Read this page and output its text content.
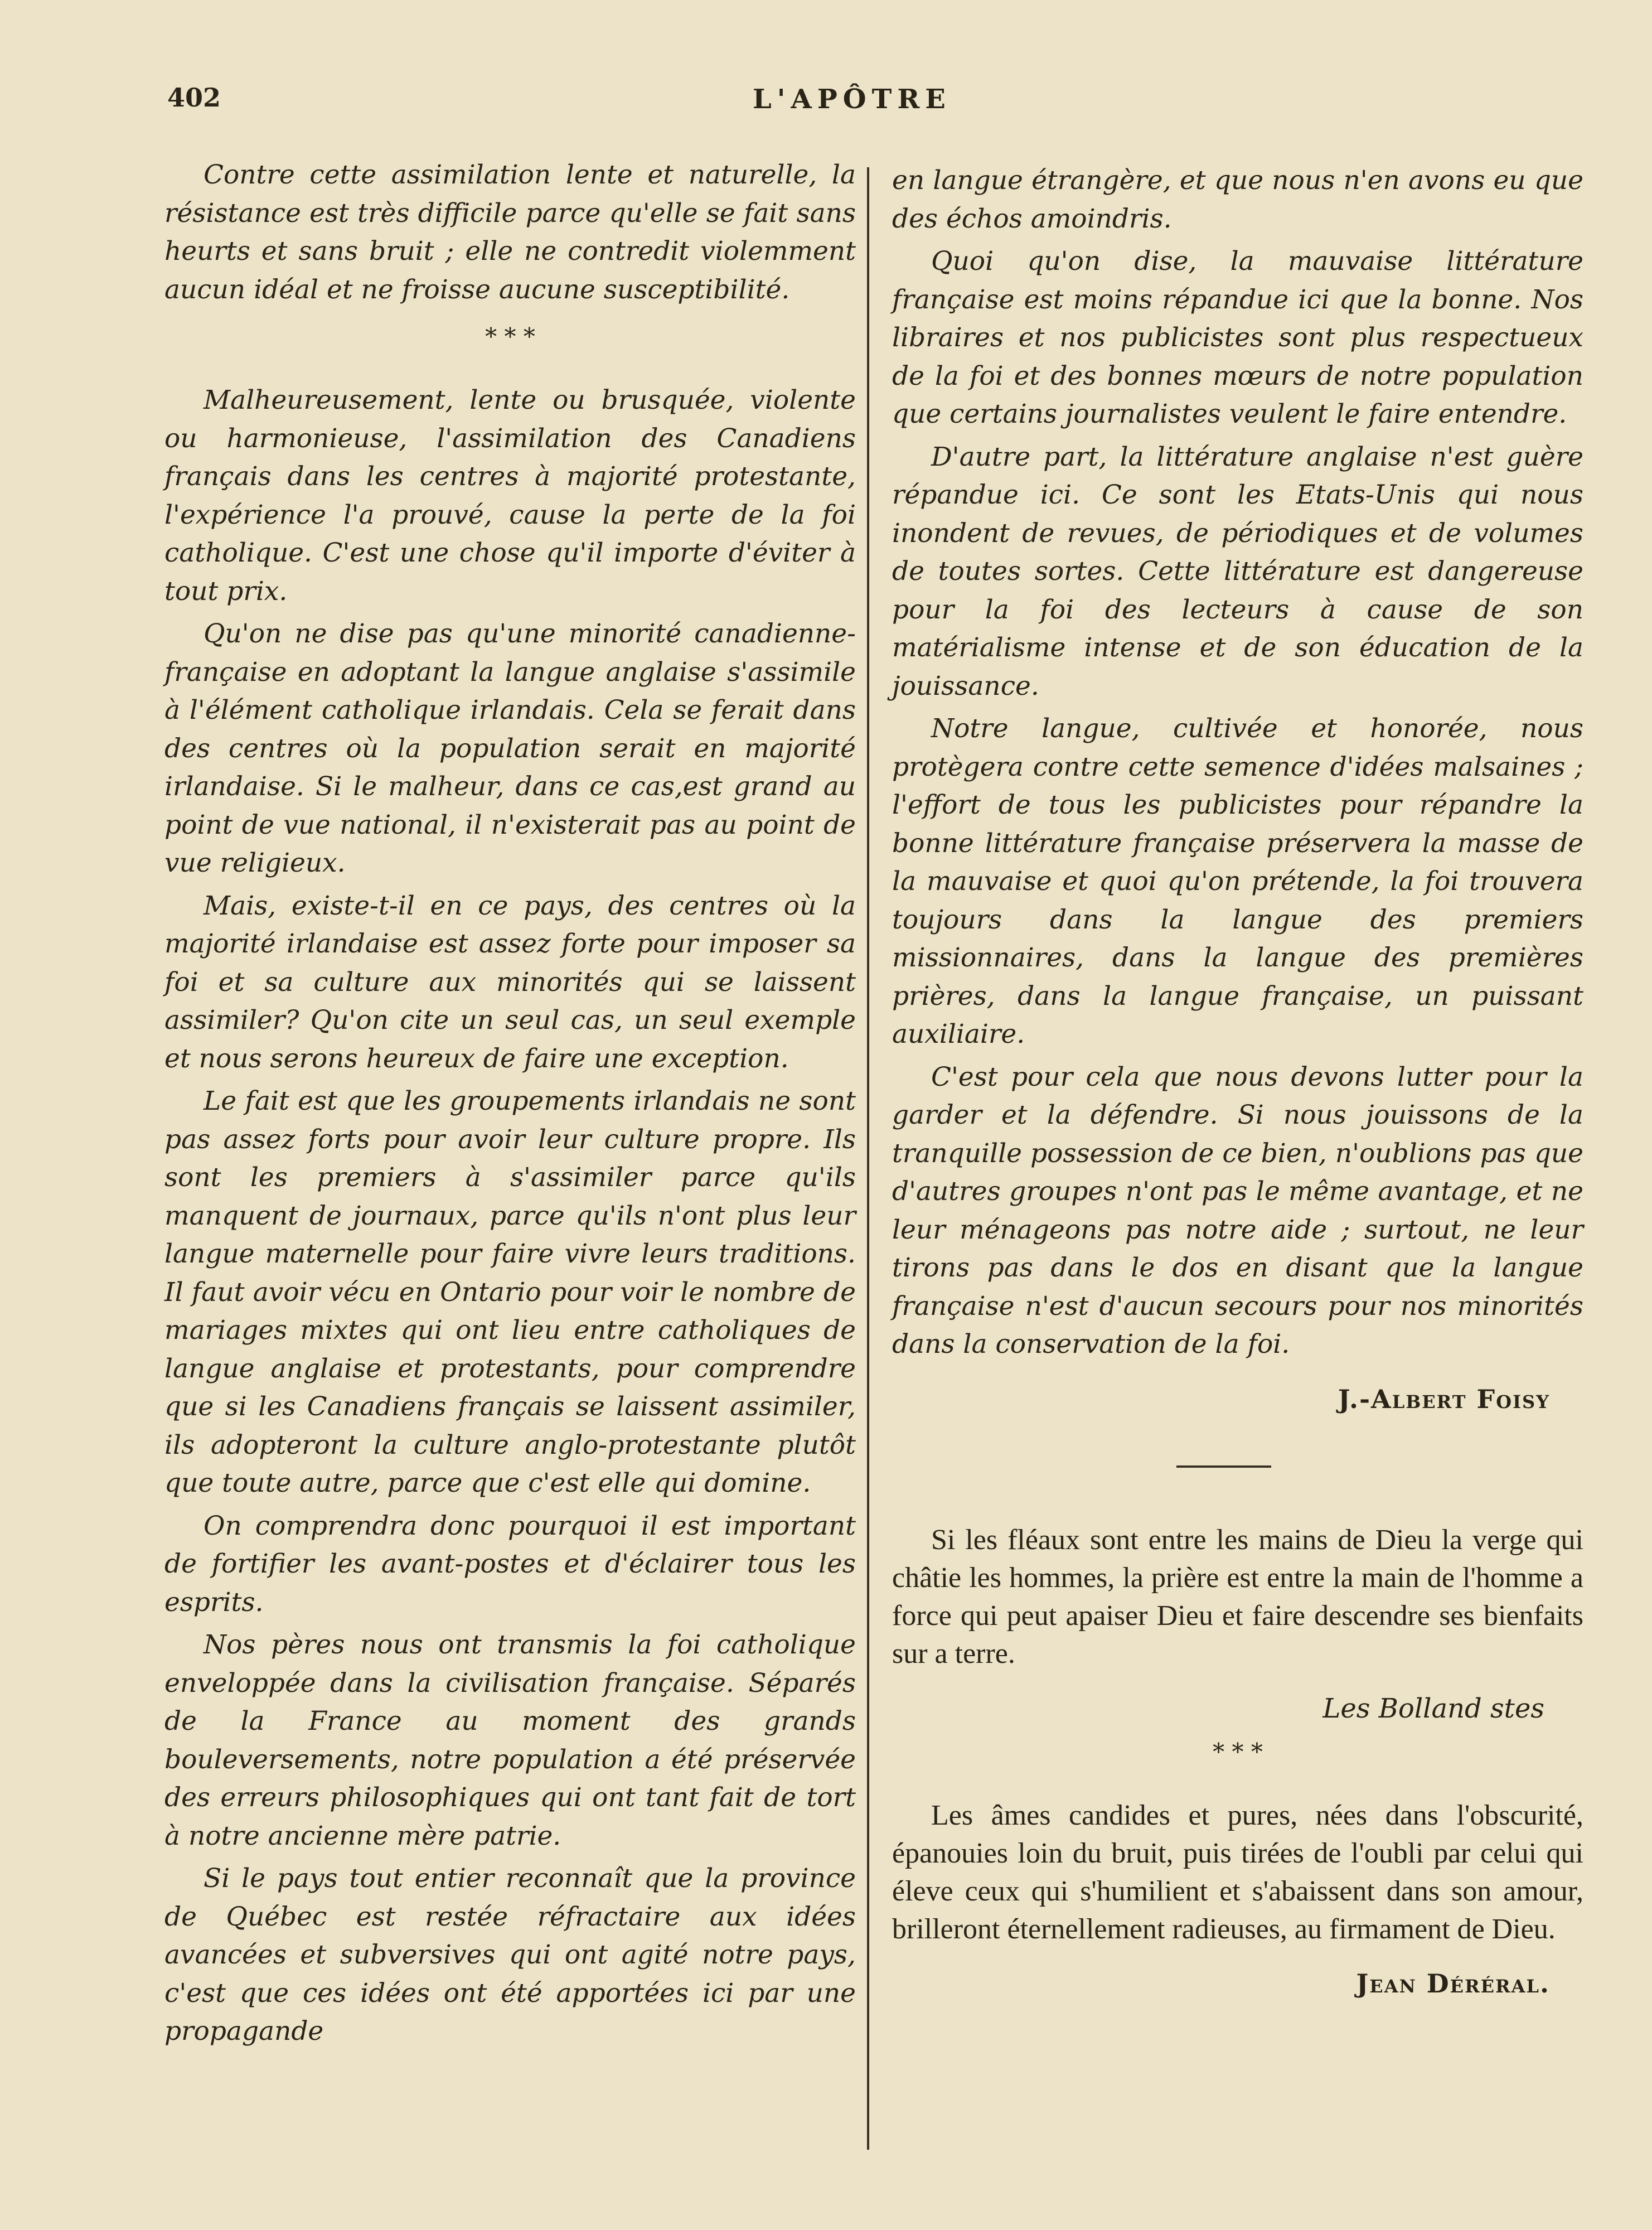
402	L'APÔTRE

Contre cette assimilation lente et naturelle, la résistance est très difficile parce qu'elle se fait sans heurts et sans bruit ; elle ne contredit violemment aucun idéal et ne froisse aucune susceptibilité.

* * *

Malheureusement, lente ou brusquée, violente ou harmonieuse, l'assimilation des Canadiens français dans les centres à majorité protestante, l'expérience l'a prouvé, cause la perte de la foi catholique. C'est une chose qu'il importe d'éviter à tout prix.

Qu'on ne dise pas qu'une minorité canadienne-française en adoptant la langue anglaise s'assimile à l'élément catholique irlandais. Cela se ferait dans des centres où la population serait en majorité irlandaise. Si le malheur, dans ce cas,est grand au point de vue national, il n'existerait pas au point de vue religieux.

Mais, existe-t-il en ce pays, des centres où la majorité irlandaise est assez forte pour imposer sa foi et sa culture aux minorités qui se laissent assimiler? Qu'on cite un seul cas, un seul exemple et nous serons heureux de faire une exception.

Le fait est que les groupements irlandais ne sont pas assez forts pour avoir leur culture propre. Ils sont les premiers à s'assimiler parce qu'ils manquent de journaux, parce qu'ils n'ont plus leur langue maternelle pour faire vivre leurs traditions. Il faut avoir vécu en Ontario pour voir le nombre de mariages mixtes qui ont lieu entre catholiques de langue anglaise et protestants, pour comprendre que si les Canadiens français se laissent assimiler, ils adopteront la culture anglo-protestante plutôt que toute autre, parce que c'est elle qui domine.

On comprendra donc pourquoi il est important de fortifier les avant-postes et d'éclairer tous les esprits.

Nos pères nous ont transmis la foi catholique enveloppée dans la civilisation française. Séparés de la France au moment des grands bouleversements, notre population a été préservée des erreurs philosophiques qui ont tant fait de tort à notre ancienne mère patrie.

Si le pays tout entier reconnaît que la province de Québec est restée réfractaire aux idées avancées et subversives qui ont agité notre pays, c'est que ces idées ont été apportées ici par une propagande

en langue étrangère, et que nous n'en avons eu que des échos amoindris.

Quoi qu'on dise, la mauvaise littérature française est moins répandue ici que la bonne. Nos libraires et nos publicistes sont plus respectueux de la foi et des bonnes mœurs de notre population que certains journalistes veulent le faire entendre.

D'autre part, la littérature anglaise n'est guère répandue ici. Ce sont les Etats-Unis qui nous inondent de revues, de périodiques et de volumes de toutes sortes. Cette littérature est dangereuse pour la foi des lecteurs à cause de son matérialisme intense et de son éducation de la jouissance.

Notre langue, cultivée et honorée, nous protègera contre cette semence d'idées malsaines ; l'effort de tous les publicistes pour répandre la bonne littérature française préservera la masse de la mauvaise et quoi qu'on prétende, la foi trouvera toujours dans la langue des premiers missionnaires, dans la langue des premières prières, dans la langue française, un puissant auxiliaire.

C'est pour cela que nous devons lutter pour la garder et la défendre. Si nous jouissons de la tranquille possession de ce bien, n'oublions pas que d'autres groupes n'ont pas le même avantage, et ne leur ménageons pas notre aide ; surtout, ne leur tirons pas dans le dos en disant que la langue française n'est d'aucun secours pour nos minorités dans la conservation de la foi.

J.-Albert Foisy

Si les fléaux sont entre les mains de Dieu la verge qui châtie les hommes, la prière est entre la main de l'homme a force qui peut apaiser Dieu et faire descendre ses bienfaits sur a terre.

Les Bolland stes
* * *

Les âmes candides et pures, nées dans l'obscurité, épanouies loin du bruit, puis tirées de l'oubli par celui qui éleve ceux qui s'humilient et s'abaissent dans son amour, brilleront éternellement radieuses, au firmament de Dieu.

Jean Déréral.
